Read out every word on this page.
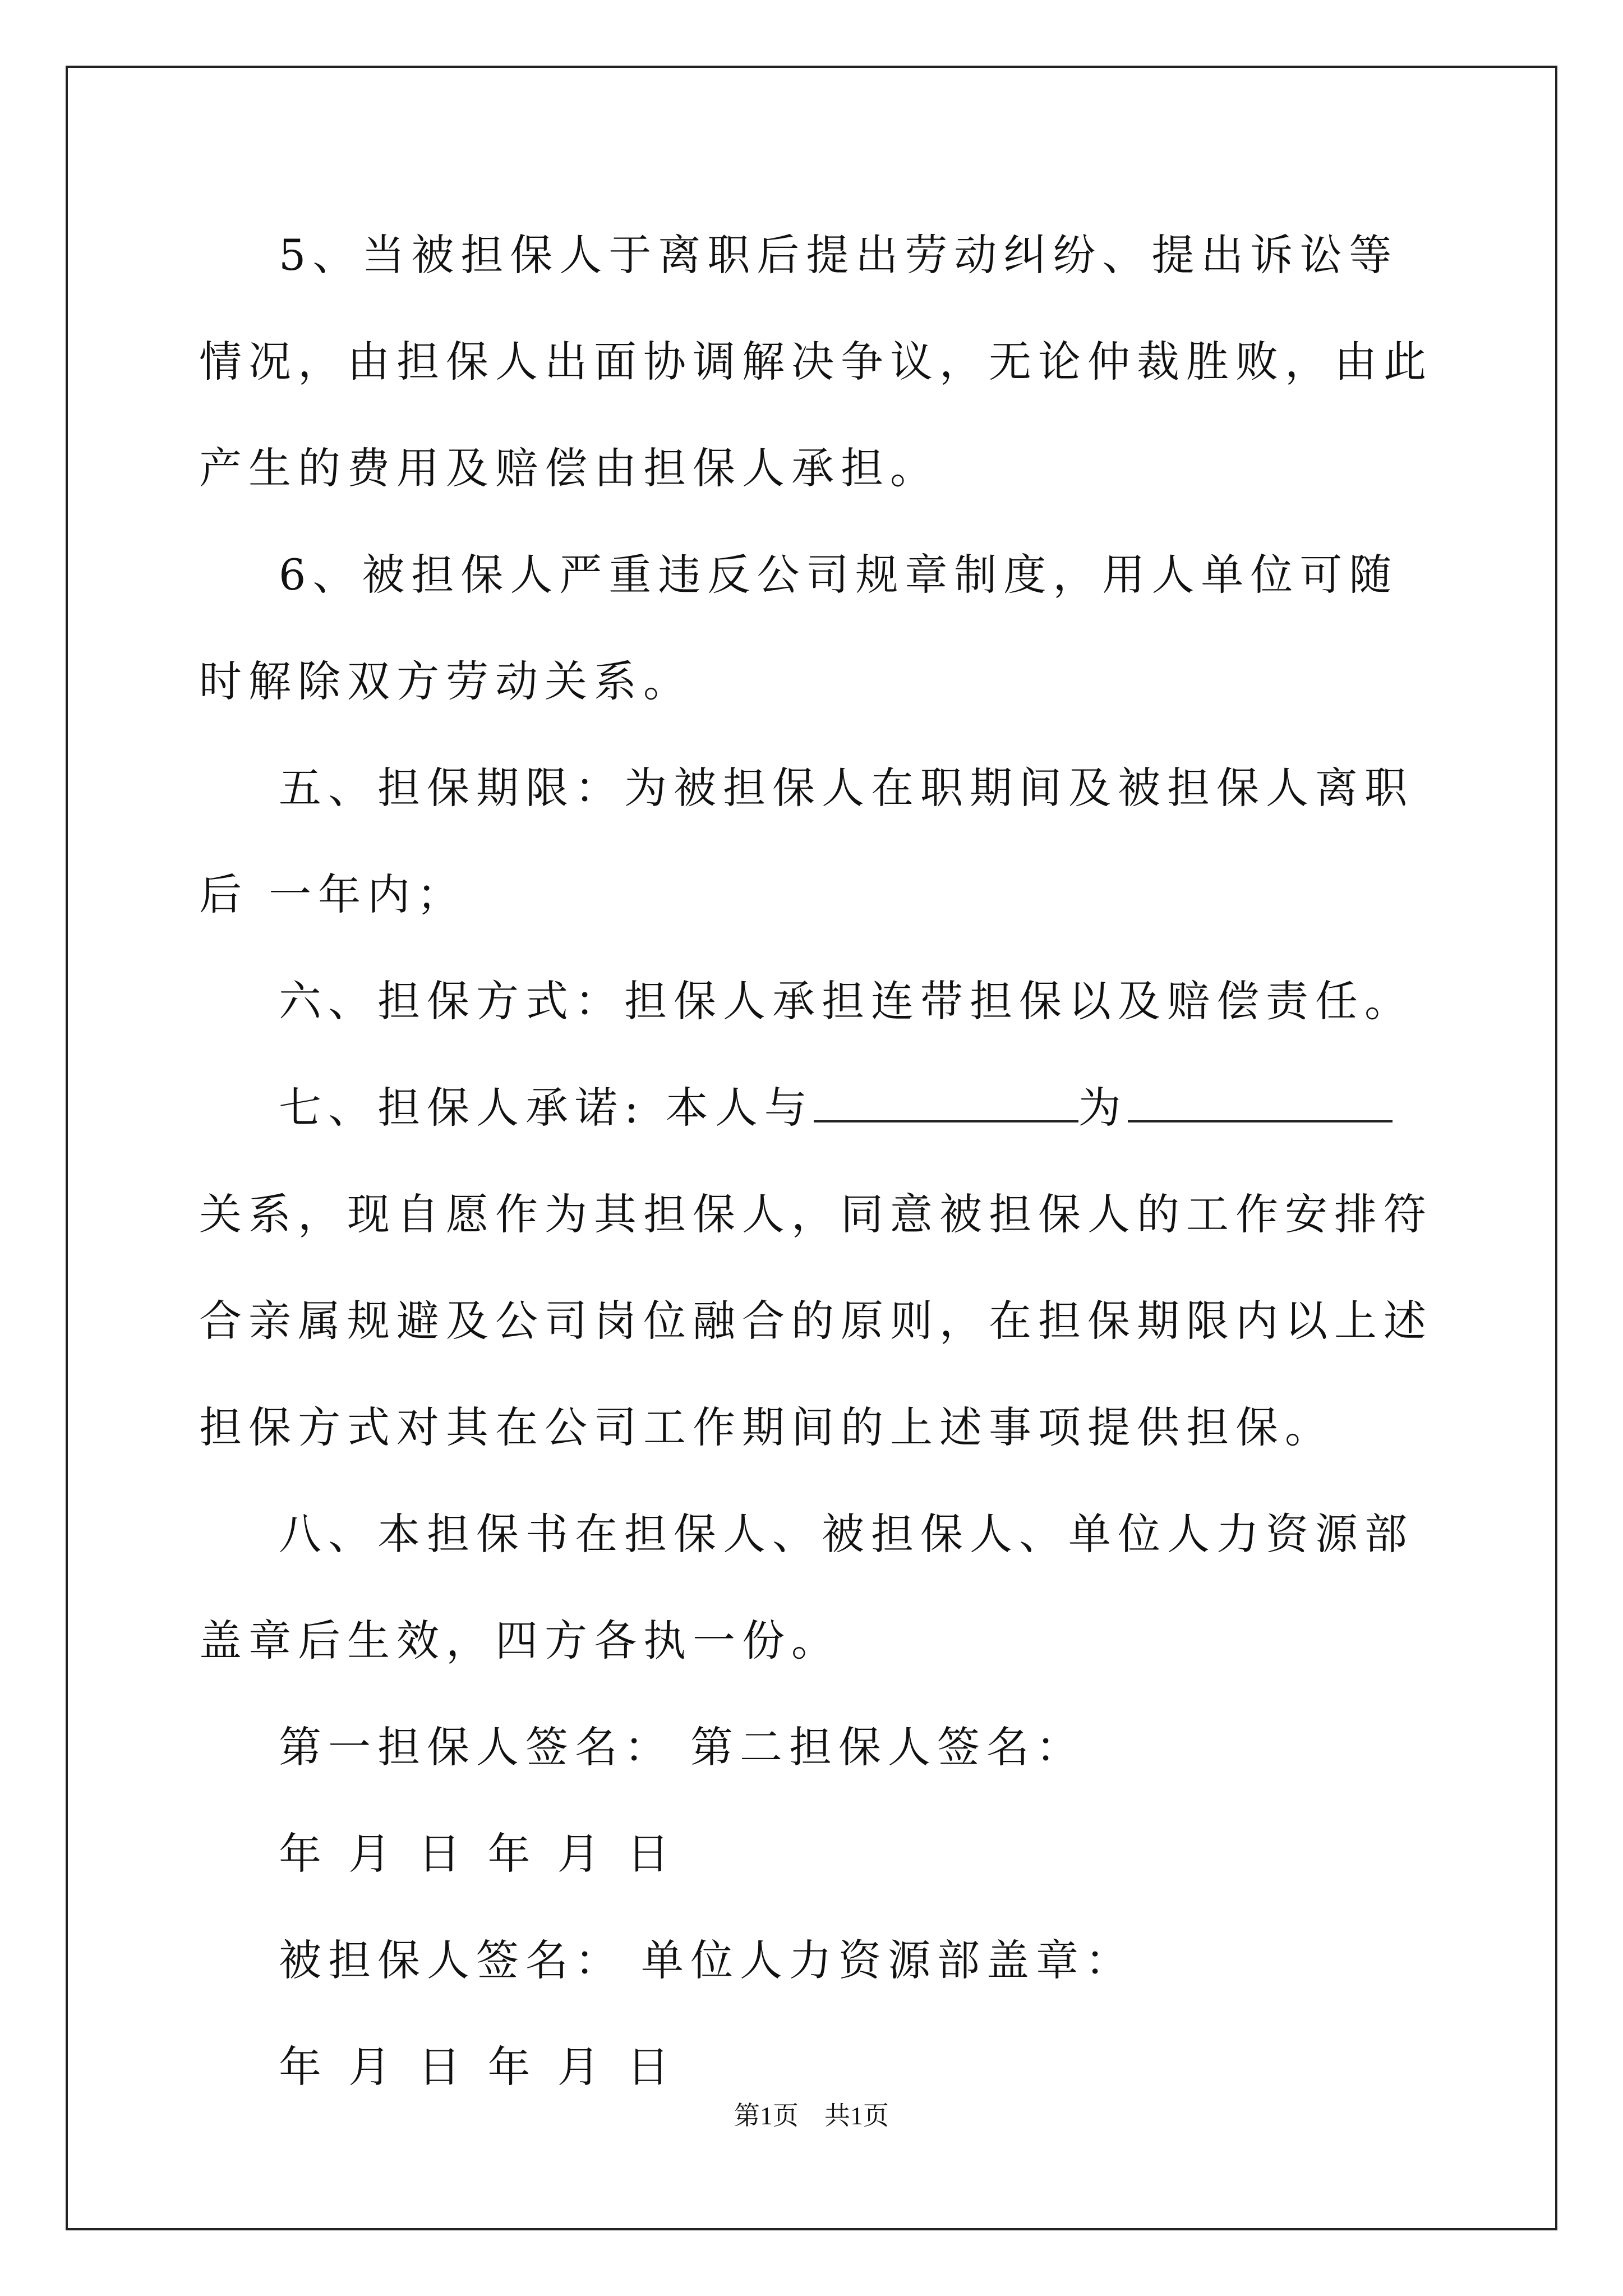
5、当被担保人于离职后提出劳动纠纷、提出诉讼等情况，由担保人出面协调解决争议，无论仲裁胜败，由此产生的费用及赔偿由担保人承担。

6、被担保人严重违反公司规章制度，用人单位可随时解除双方劳动关系。

五、担保期限：为被担保人在职期间及被担保人离职后 一年内；

六、担保方式：担保人承担连带担保以及赔偿责任。

七、担保人承诺: 本人与	为 关系，现自愿作为其担保人，同意被担保人的工作安排符合亲属规避及公司岗位融合的原则，在担保期限内以上述担保方式对其在公司工作期间的上述事项提供担保。

八、本担保书在担保人、被担保人、单位人力资源部盖章后生效，四方各执一份。

第一担保人签名： 第二担保人签名：

年 月 日 年 月 日

被担保人签名： 单位人力资源部盖章：

年 月 日 年 月 日

第1页　共1页
